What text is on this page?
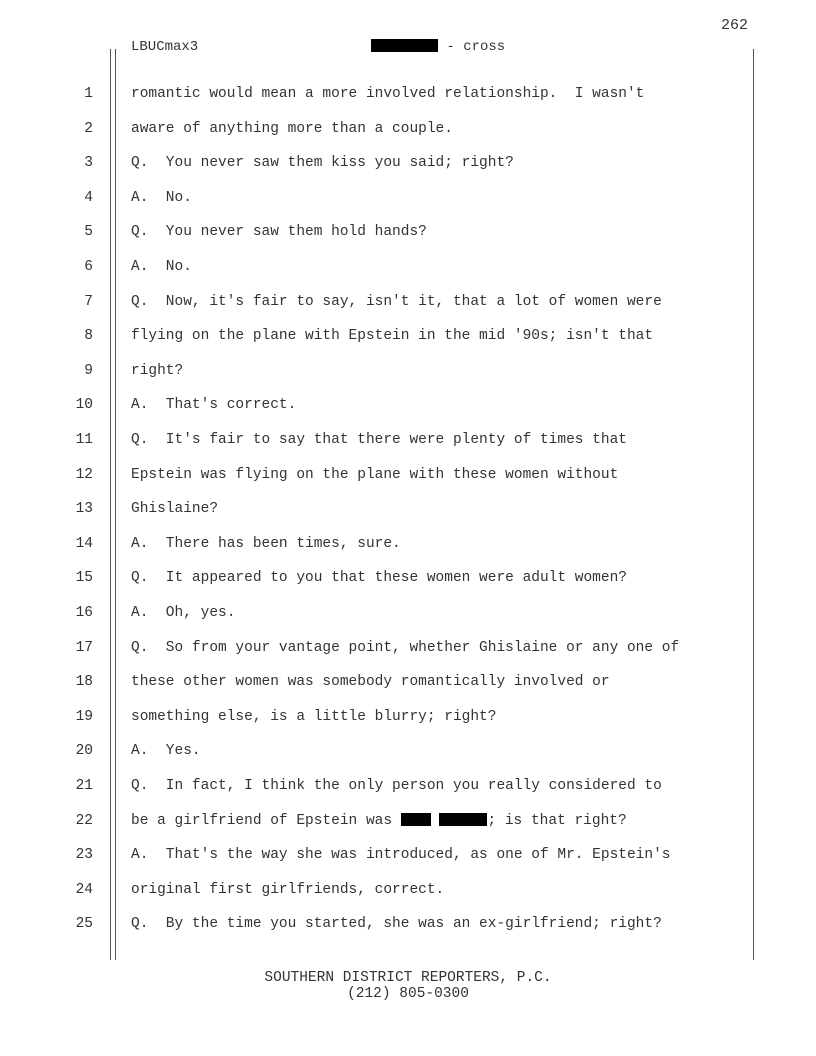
262
LBUCmax3	- cross
1	romantic would mean a more involved relationship.  I wasn't
2	aware of anything more than a couple.
3	Q.  You never saw them kiss you said; right?
4	A.  No.
5	Q.  You never saw them hold hands?
6	A.  No.
7	Q.  Now, it's fair to say, isn't it, that a lot of women were
8	flying on the plane with Epstein in the mid '90s; isn't that
9	right?
10	A.  That's correct.
11	Q.  It's fair to say that there were plenty of times that
12	Epstein was flying on the plane with these women without
13	Ghislaine?
14	A.  There has been times, sure.
15	Q.  It appeared to you that these women were adult women?
16	A.  Oh, yes.
17	Q.  So from your vantage point, whether Ghislaine or any one of
18	these other women was somebody romantically involved or
19	something else, is a little blurry; right?
20	A.  Yes.
21	Q.  In fact, I think the only person you really considered to
22	be a girlfriend of Epstein was	; is that right?
23	A.  That's the way she was introduced, as one of Mr. Epstein's
24	original first girlfriends, correct.
25	Q.  By the time you started, she was an ex-girlfriend; right?
SOUTHERN DISTRICT REPORTERS, P.C.
(212) 805-0300
